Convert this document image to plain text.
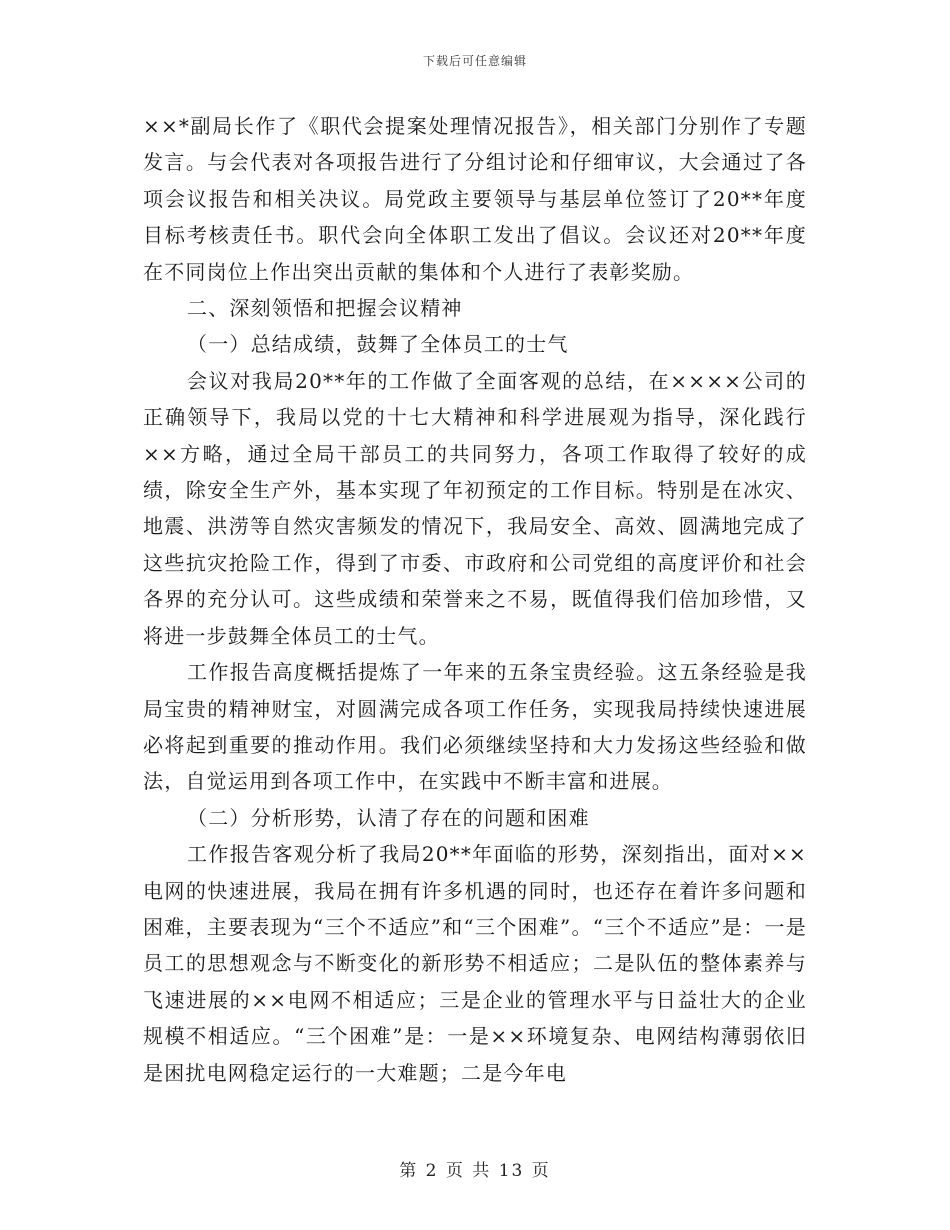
下载后可任意编辑

××*副局长作了《职代会提案处理情况报告》，相关部门分别作了专题发言。与会代表对各项报告进行了分组讨论和仔细审议，大会通过了各项会议报告和相关决议。局党政主要领导与基层单位签订了20**年度目标考核责任书。职代会向全体职工发出了倡议。会议还对20**年度在不同岗位上作出突出贡献的集体和个人进行了表彰奖励。

二、深刻领悟和把握会议精神

（一）总结成绩，鼓舞了全体员工的士气

会议对我局20**年的工作做了全面客观的总结，在××××公司的正确领导下，我局以党的十七大精神和科学进展观为指导，深化践行××方略，通过全局干部员工的共同努力，各项工作取得了较好的成绩，除安全生产外，基本实现了年初预定的工作目标。特别是在冰灾、地震、洪涝等自然灾害频发的情况下，我局安全、高效、圆满地完成了这些抗灾抢险工作，得到了市委、市政府和公司党组的高度评价和社会各界的充分认可。这些成绩和荣誉来之不易，既值得我们倍加珍惜，又将进一步鼓舞全体员工的士气。

工作报告高度概括提炼了一年来的五条宝贵经验。这五条经验是我局宝贵的精神财宝，对圆满完成各项工作任务，实现我局持续快速进展必将起到重要的推动作用。我们必须继续坚持和大力发扬这些经验和做法，自觉运用到各项工作中，在实践中不断丰富和进展。

（二）分析形势，认清了存在的问题和困难

工作报告客观分析了我局20**年面临的形势，深刻指出，面对××电网的快速进展，我局在拥有许多机遇的同时，也还存在着许多问题和困难，主要表现为“三个不适应”和“三个困难”。“三个不适应”是：一是员工的思想观念与不断变化的新形势不相适应；二是队伍的整体素养与飞速进展的××电网不相适应；三是企业的管理水平与日益壮大的企业规模不相适应。“三个困难”是：一是××环境复杂、电网结构薄弱依旧是困扰电网稳定运行的一大难题；二是今年电

第 2 页 共 13 页
